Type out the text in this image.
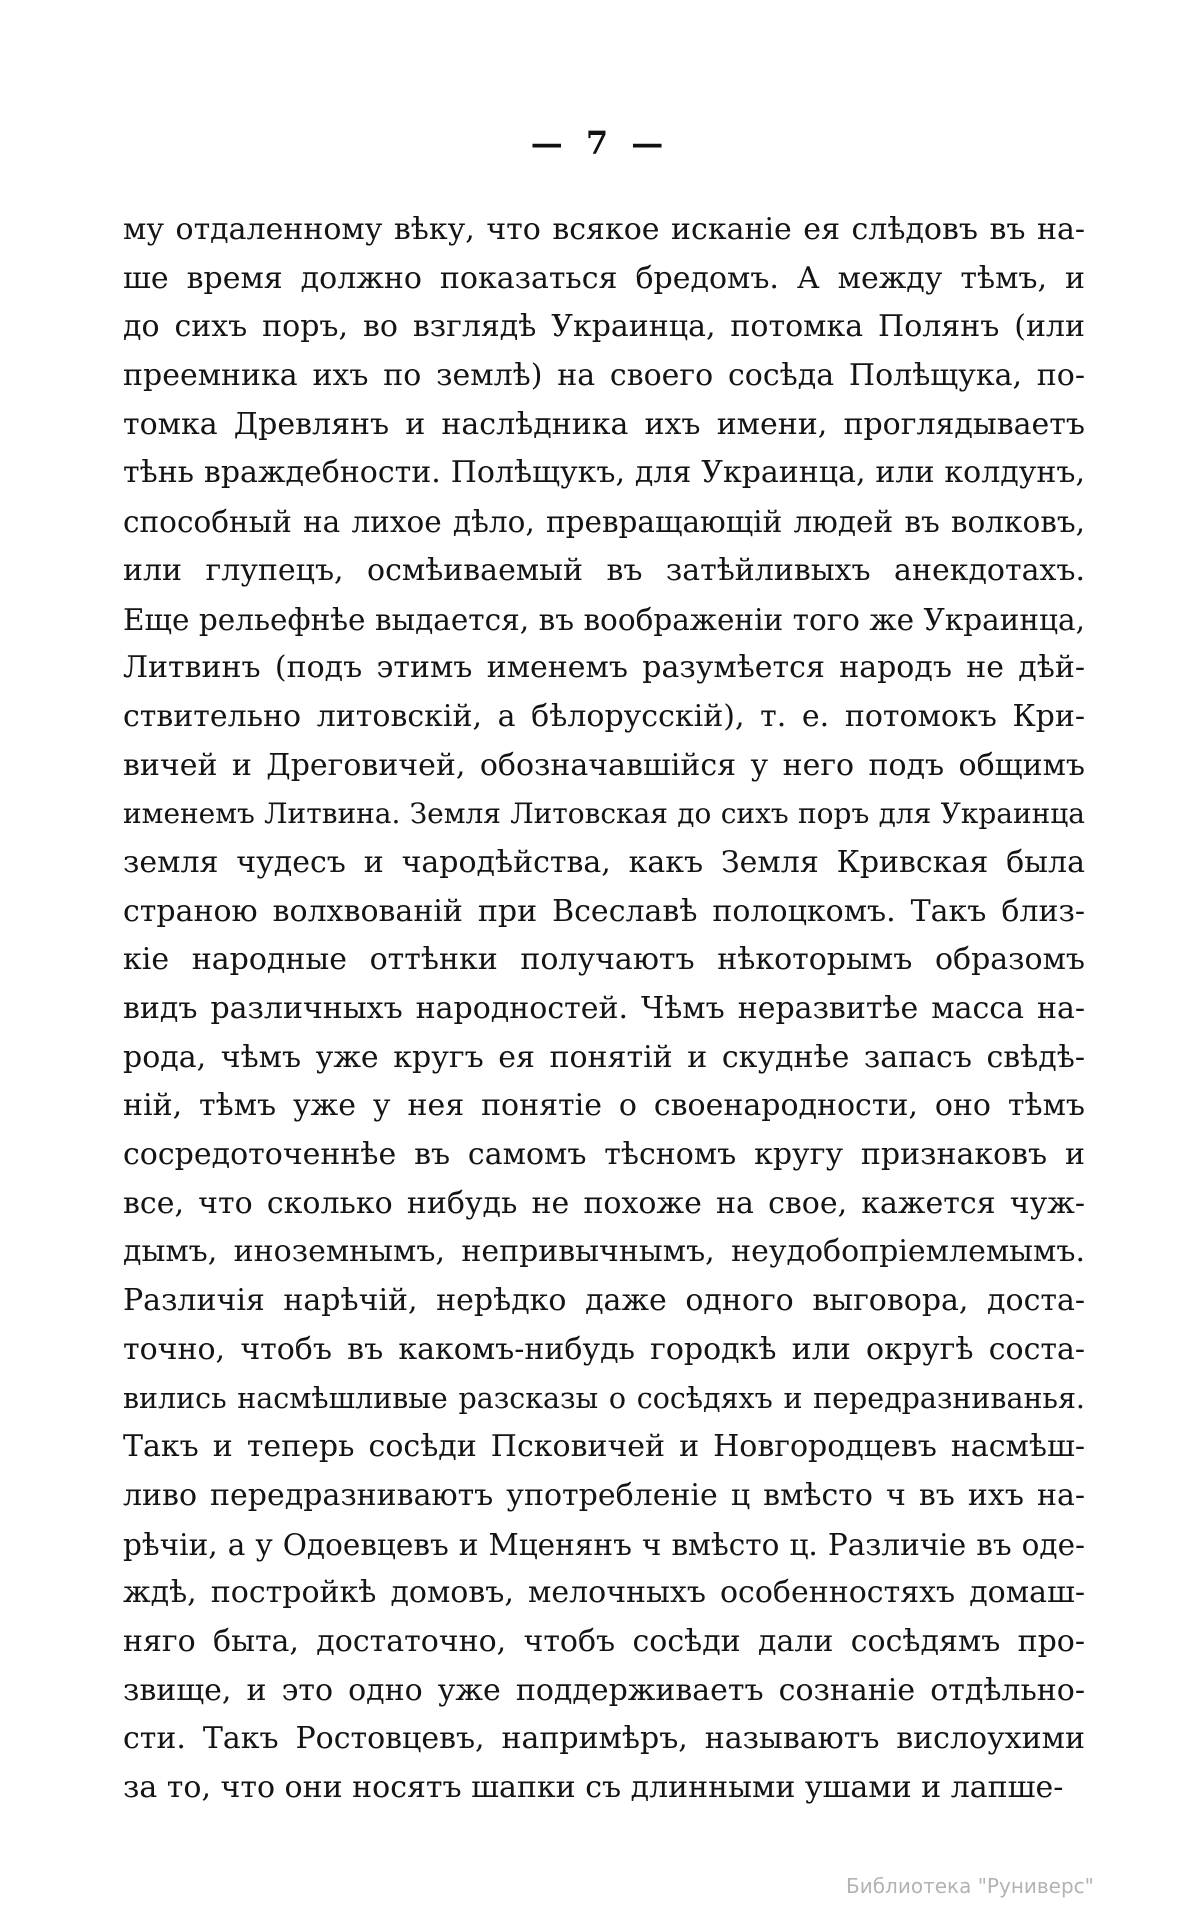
— 7 —
му отдаленному вѣку, что всякое исканіе ея слѣдовъ въ на-
ше время должно показаться бредомъ. А между тѣмъ, и
до сихъ поръ, во взглядѣ Украинца, потомка Полянъ (или
преемника ихъ по землѣ) на своего сосѣда Полѣщука, по-
томка Древлянъ и наслѣдника ихъ имени, проглядываетъ
тѣнь враждебности. Полѣщукъ, для Украинца, или колдунъ,
способный на лихое дѣло, превращающій людей въ волковъ,
или глупецъ, осмѣиваемый въ затѣйливыхъ анекдотахъ.
Еще рельефнѣе выдается, въ воображеніи того же Украинца,
Литвинъ (подъ этимъ именемъ разумѣется народъ не дѣй-
ствительно литовскій, а бѣлорусскій), т. е. потомокъ Кри-
вичей и Дреговичей, обозначавшійся у него подъ общимъ
именемъ Литвина. Земля Литовская до сихъ поръ для Украинца
земля чудесъ и чародѣйства, какъ Земля Кривская была
страною волхвованій при Всеславѣ полоцкомъ. Такъ близ-
кіе народные оттѣнки получаютъ нѣкоторымъ образомъ
видъ различныхъ народностей. Чѣмъ неразвитѣе масса на-
рода, чѣмъ уже кругъ ея понятій и скуднѣе запасъ свѣдѣ-
ній, тѣмъ уже у нея понятіе о своенародности, оно тѣмъ
сосредоточеннѣе въ самомъ тѣсномъ кругу признаковъ и
все, что сколько нибудь не похоже на свое, кажется чуж-
дымъ, иноземнымъ, непривычнымъ, неудобопріемлемымъ.
Различія нарѣчій, нерѣдко даже одного выговора, доста-
точно, чтобъ въ какомъ-нибудь городкѣ или округѣ соста-
вились насмѣшливые разсказы о сосѣдяхъ и передразниванья.
Такъ и теперь сосѣди Псковичей и Новгородцевъ насмѣш-
ливо передразниваютъ употребленіе ц вмѣсто ч въ ихъ на-
рѣчіи, а у Одоевцевъ и Мценянъ ч вмѣсто ц. Различіе въ оде-
ждѣ, постройкѣ домовъ, мелочныхъ особенностяхъ домаш-
няго быта, достаточно, чтобъ сосѣди дали сосѣдямъ про-
звище, и это одно уже поддерживаетъ сознаніе отдѣльно-
сти. Такъ Ростовцевъ, напримѣръ, называютъ вислоухими
за то, что они носятъ шапки съ длинными ушами и лапше-
Библиотека "Руниверс"
